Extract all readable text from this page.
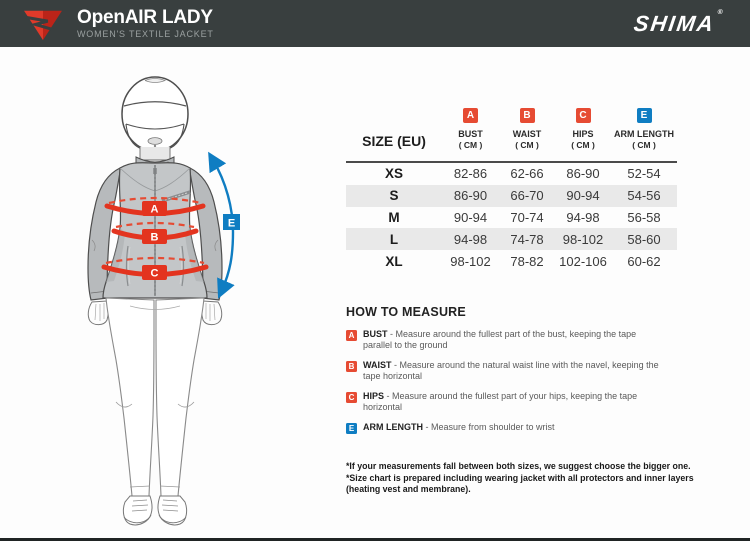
OpenAIR LADY
WOMEN'S TEXTILE JACKET	SHIMA®
A
B
C
E
SIZE (EU)
A
BUST
( CM )
B
WAIST
( CM )
C
HIPS
( CM )
E
ARM LENGTH
( CM )
XS	82-86	62-66	86-90	52-54
S	86-90	66-70	90-94	54-56
M	90-94	70-74	94-98	56-58
L	94-98	74-78	98-102	58-60
XL	98-102	78-82	102-106	60-62
HOW TO MEASURE
A BUST - Measure around the fullest part of the bust, keeping the tape parallel to the ground
B WAIST - Measure around the natural waist line with the navel, keeping the tape horizontal
C HIPS - Measure around the fullest part of your hips, keeping the tape horizontal
E ARM LENGTH - Measure from shoulder to wrist
*If your measurements fall between both sizes, we suggest choose the bigger one.
*Size chart is prepared including wearing jacket with all protectors and inner layers (heating vest and membrane).
